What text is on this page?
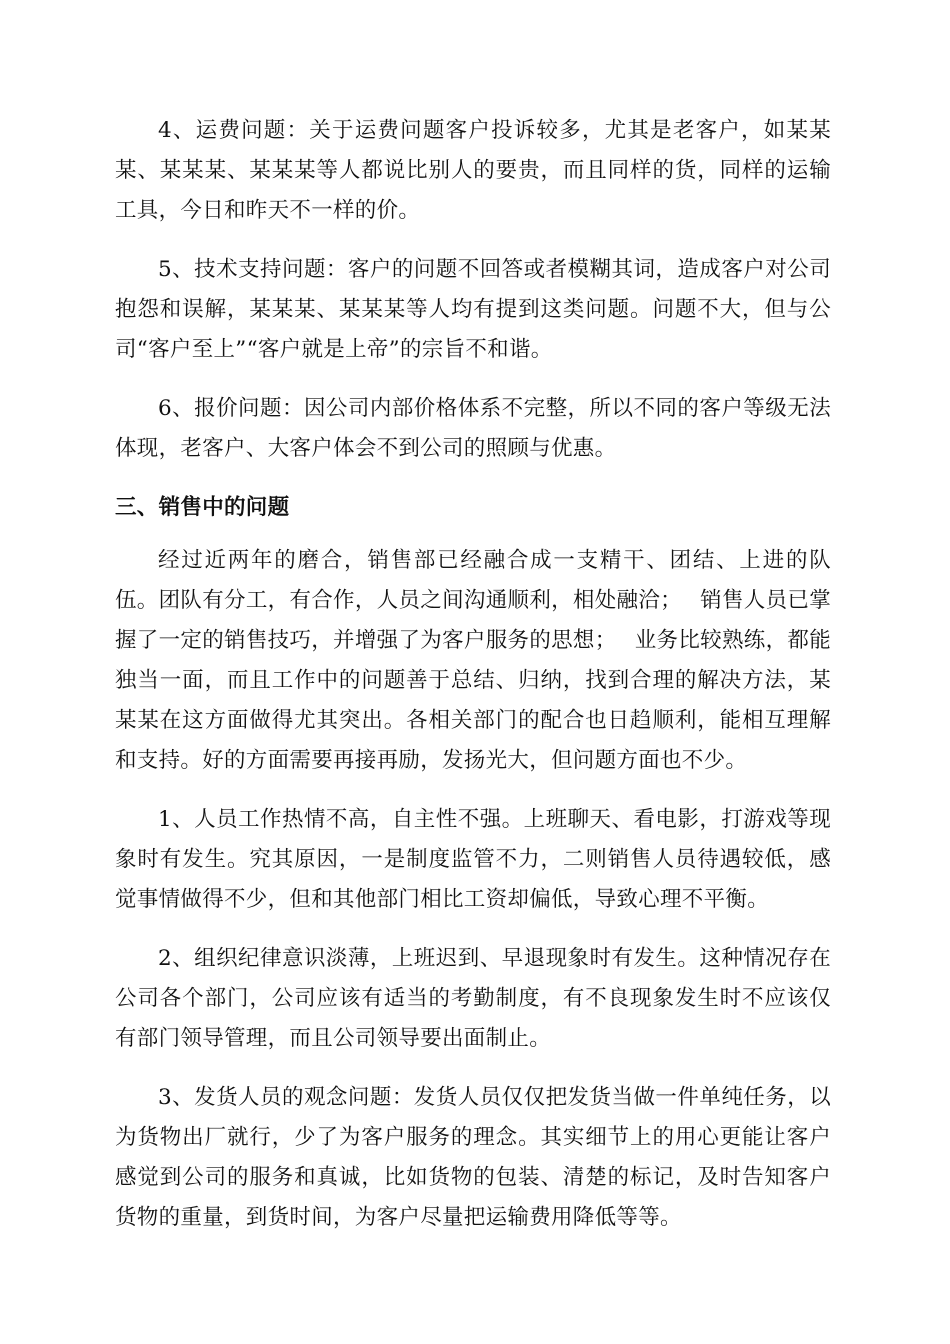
4、运费问题：关于运费问题客户投诉较多，尤其是老客户，如某某某、某某某、某某某等人都说比别人的要贵，而且同样的货，同样的运输工具，今日和昨天不一样的价。

5、技术支持问题：客户的问题不回答或者模糊其词，造成客户对公司抱怨和误解，某某某、某某某等人均有提到这类问题。问题不大，但与公司“客户至上”“客户就是上帝”的宗旨不和谐。

6、报价问题：因公司内部价格体系不完整，所以不同的客户等级无法体现，老客户、大客户体会不到公司的照顾与优惠。

三、销售中的问题

经过近两年的磨合，销售部已经融合成一支精干、团结、上进的队伍。团队有分工，有合作，人员之间沟通顺利，相处融洽；　 销售人员已掌握了一定的销售技巧，并增强了为客户服务的思想；　 业务比较熟练，都能独当一面，而且工作中的问题善于总结、归纳，找到合理的解决方法，某某某在这方面做得尤其突出。各相关部门的配合也日趋顺利，能相互理解和支持。好的方面需要再接再励，发扬光大，但问题方面也不少。

1、人员工作热情不高，自主性不强。上班聊天、看电影，打游戏等现象时有发生。究其原因，一是制度监管不力，二则销售人员待遇较低，感觉事情做得不少，但和其他部门相比工资却偏低，导致心理不平衡。

2、组织纪律意识淡薄，上班迟到、早退现象时有发生。这种情况存在公司各个部门，公司应该有适当的考勤制度，有不良现象发生时不应该仅有部门领导管理，而且公司领导要出面制止。

3、发货人员的观念问题：发货人员仅仅把发货当做一件单纯任务，以为货物出厂就行，少了为客户服务的理念。其实细节上的用心更能让客户感觉到公司的服务和真诚，比如货物的包装、清楚的标记，及时告知客户货物的重量，到货时间，为客户尽量把运输费用降低等等。
